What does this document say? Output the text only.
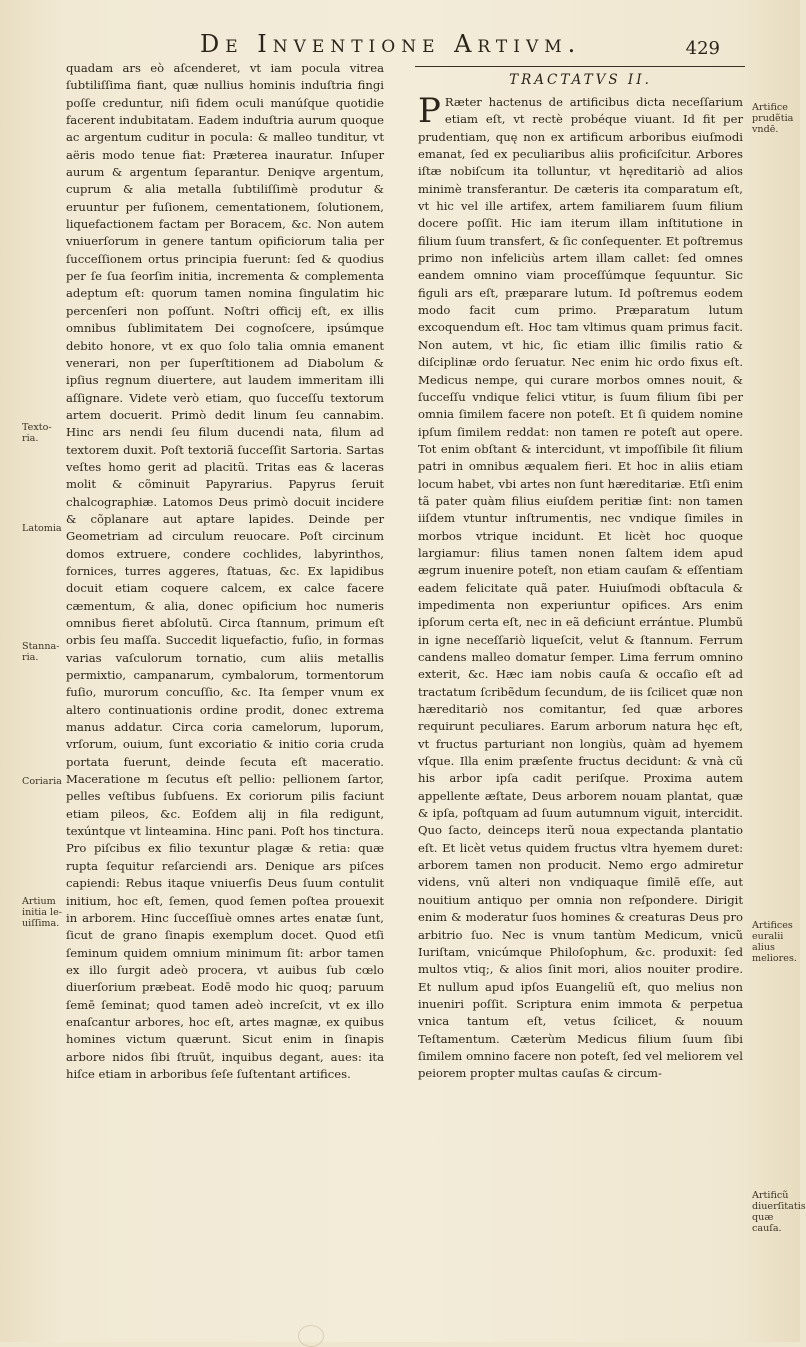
De Inventione Artivm.	429

quadam ars eò aſcenderet, vt iam pocula vitrea ſubtiliſſima fiant, quæ nullius hominis induſtria fingi poſſe creduntur, niſi fidem oculi manúſque quotidie facerent indubitatam. Eadem induſtria aurum quoque ac argentum cuditur in pocula: & malleo tunditur, vt aëris modo tenue fiat: Præterea inauratur. Inſuper aurum & argentum ſeparantur. Deniqve argentum, cuprum & alia metalla ſubtiliſſimè produtur & eruuntur per fuſionem, cementationem, ſolutionem, liquefactionem factam per Boracem, &c. Non autem vniuerſorum in genere tantum opificiorum talia per ſucceſſionem ortus principia fuerunt: ſed & quodius per ſe ſua ſeorſim initia, incrementa & complementa adeptum eſt: quorum tamen nomina ſingulatim hic percenſeri non poſſunt. Noſtri officij eſt, ex illis omnibus ſublimitatem Dei cognoſcere, ipsúmque debito honore, vt ex quo ſolo talia omnia emanent venerari, non per ſuperſtitionem ad Diabolum & ipſius regnum diuertere, aut laudem immeritam illi aſſignare. Videte verò etiam, quo ſucceſſu textorum artem docuerit. Primò dedit linum ſeu cannabim. Hinc ars nendi ſeu filum ducendi nata, filum ad textorem duxit. Poſt textoriã ſucceſſit Sartoria. Sartas veſtes homo gerit ad placitũ. Tritas eas & laceras molit & cõminuit Papyrarius. Papyrus ſeruit chalcographiæ. Latomos Deus primò docuit incidere & cõplanare aut aptare lapides. Deinde per Geometriam ad circulum reuocare. Poſt circinum domos extruere, condere cochlides, labyrinthos, fornices, turres aggeres, ſtatuas, &c. Ex lapidibus docuit etiam coquere calcem, ex calce facere cæmentum, & alia, donec opificium hoc numeris omnibus fieret abſolutũ. Circa ſtannum, primum eſt orbis ſeu maſſa. Succedit liquefactio, fuſio, in formas varias vaſculorum tornatio, cum aliis metallis permixtio, campanarum, cymbalorum, tormentorum fuſio, murorum concuſſio, &c. Ita ſemper vnum ex altero continuationis ordine prodit, donec extrema manus addatur. Circa coria camelorum, luporum, vrſorum, ouium, ſunt excoriatio & initio coria cruda portata fuerunt, deinde ſecuta eſt maceratio. Maceratione m ſecutus eſt pellio: pellionem ſartor, pelles veſtibus ſubſuens. Ex coriorum pilis faciunt etiam pileos, &c. Eoſdem alij in fila redigunt, texúntque vt linteamina. Hinc pani. Poſt hos tinctura. Pro piſcibus ex filio texuntur plagæ & retia: quæ rupta ſequitur reſarciendi ars. Denique ars piſces capiendi: Rebus itaque vniuerſis Deus ſuum contulit initium, hoc eſt, ſemen, quod ſemen poſtea prouexit in arborem. Hinc ſucceſſiuè omnes artes enatæ ſunt, ſicut de grano ſinapis exemplum docet. Quod etſi ſeminum quidem omnium minimum ſit: arbor tamen ex illo ſurgit adeò procera, vt auibus ſub cœlo diuerſorium præbeat. Eodē modo hic quoq; paruum ſemē ſeminat; quod tamen adeò increſcit, vt ex illo enaſcantur arbores, hoc eſt, artes magnæ, ex quibus homines victum quærunt. Sicut enim in ſinapis arbore nidos ſibi ſtruũt, inquibus degant, aues: ita hiſce etiam in arboribus ſeſe ſuſtentant artifices.

TRACTATVS II.
P Ræter hactenus de artificibus dicta neceſſarium etiam eſt, vt rectè probéque viuant. Id fit per prudentiam, quę non ex artificum arboribus eiuſmodi emanat, ſed ex peculiaribus aliis proficiſcitur. Arbores iſtæ nobiſcum ita tolluntur, vt hęreditariò ad alios minimè transferantur. De cæteris ita comparatum eſt, vt hic vel ille artifex, artem familiarem ſuum filium docere poſſit. Hic iam iterum illam inſtitutione in filium ſuum transfert, & ſic conſequenter. Et poſtremus primo non infeliciùs artem illam callet: ſed omnes eandem omnino viam proceſſúmque ſequuntur. Sic figuli ars eſt, præparare lutum. Id poſtremus eodem modo facit cum primo. Præparatum lutum excoquendum eſt. Hoc tam vltimus quam primus facit. Non autem, vt hic, ſic etiam illic ſimilis ratio & diſciplinæ ordo ſeruatur. Nec enim hic ordo fixus eſt. Medicus nempe, qui curare morbos omnes nouit, & ſucceſſu vndique felici vtitur, is ſuum filium ſibi per omnia ſimilem facere non poteſt. Et ſi quidem nomine ipſum ſimilem reddat: non tamen re poteſt aut opere. Tot enim obſtant & intercidunt, vt impoſſibile ſit filium patri in omnibus æqualem fieri. Et hoc in aliis etiam locum habet, vbi artes non ſunt hæreditariæ. Etſi enim tã pater quàm filius eiuſdem peritiæ ſint: non tamen iiſdem vtuntur inſtrumentis, nec vndique ſimiles in morbos vtrique incidunt. Et licèt hoc quoque largiamur: filius tamen nonen ſaltem idem apud ægrum inuenire poteſt, non etiam cauſam & eſſentiam eadem felicitate quã pater. Huiuſmodi obſtacula & impedimenta non experiuntur opifices. Ars enim ipſorum certa eſt, nec in eã deficiunt errántue. Plumbũ in igne neceſſariò liqueſcit, velut & ſtannum. Ferrum candens malleo domatur ſemper. Lima ferrum omnino exterit, &c. Hæc iam nobis cauſa & occaſio eſt ad tractatum ſcribẽdum ſecundum, de iis ſcilicet quæ non hæreditariò nos comitantur, ſed quæ arbores requirunt peculiares. Earum arborum natura hęc eſt, vt fructus parturiant non longiùs, quàm ad hyemem vſque. Illa enim præſente fructus decidunt: & vnà cũ his arbor ipſa cadit periſque. Proxima autem appellente æſtate, Deus arborem nouam plantat, quæ & ipſa, poſtquam ad ſuum autumnum viguit, intercidit. Quo ſacto, deinceps iterũ noua expectanda plantatio eſt. Et licèt vetus quidem fructus vltra hyemem duret: arborem tamen non producit. Nemo ergo admiretur videns, vnũ alteri non vndiquaque ſimilē eſſe, aut nouitium antiquo per omnia non reſpondere. Dirigit enim & moderatur ſuos homines & creaturas Deus pro arbitrio ſuo. Nec is vnum tantùm Medicum, vnicũ Iuriſtam, vnicúmque Philoſophum, &c. produxit: ſed multos vtiq;, & alios ſinit mori, alios nouiter prodire. Et nullum apud ipſos Euangeliũ eſt, quo melius non inueniri poſſit. Scriptura enim immota & perpetua vnica tantum eſt, vetus ſcilicet, & nouum Teſtamentum. Cæterùm Medicus filium ſuum ſibi ſimilem omnino facere non poteſt, ſed vel meliorem vel peiorem propter multas cauſas & circum-

Texto-ria.
Latomia
Stanna-ria.
Coriaria
Artium initia le-uiſſima.
Artifice prudẽtia vndē.
Artifices euralii alius meliores.
Artificũ diuerſitatis quæ cauſa.
